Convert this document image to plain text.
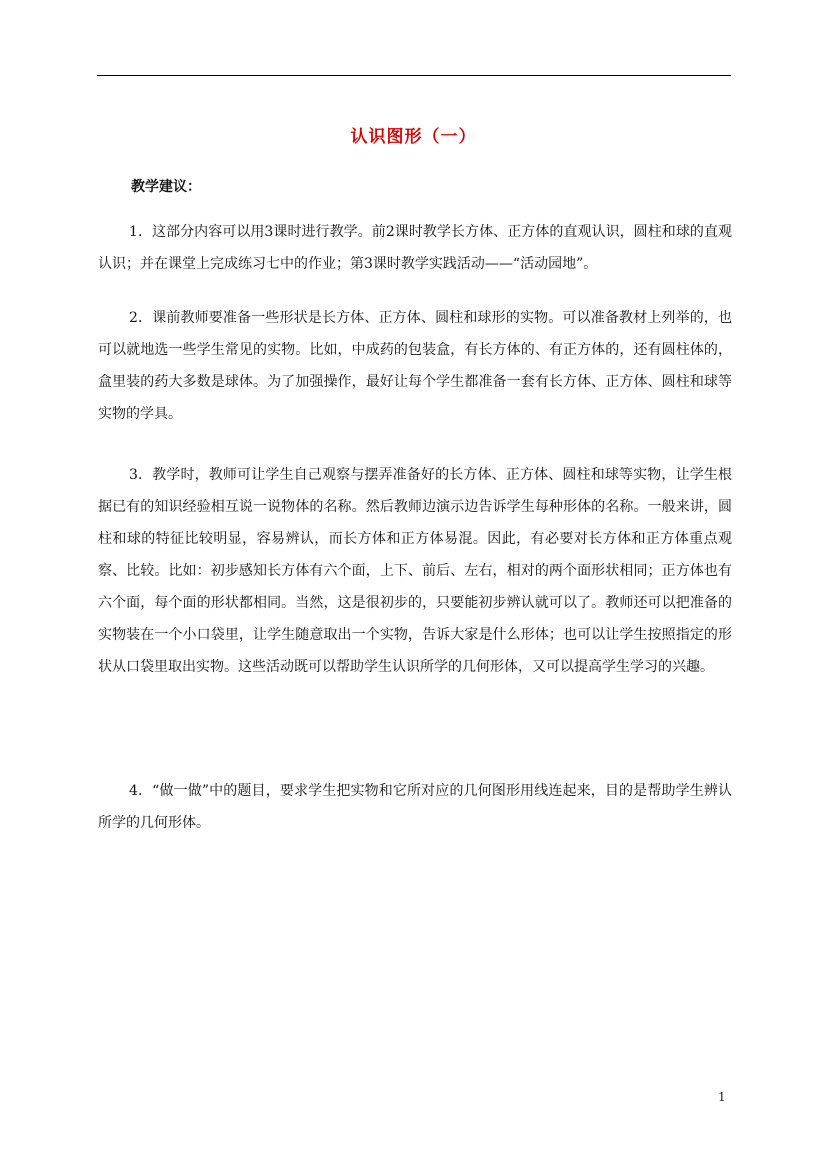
认识图形（一）
教学建议：

1．这部分内容可以用3课时进行教学。前2课时教学长方体、正方体的直观认识，圆柱和球的直观认识；并在课堂上完成练习七中的作业；第3课时教学实践活动——“活动园地”。

2．课前教师要准备一些形状是长方体、正方体、圆柱和球形的实物。可以准备教材上列举的，也可以就地选一些学生常见的实物。比如，中成药的包装盒，有长方体的、有正方体的，还有圆柱体的，盒里装的药大多数是球体。为了加强操作，最好让每个学生都准备一套有长方体、正方体、圆柱和球等实物的学具。

3．教学时，教师可让学生自己观察与摆弄准备好的长方体、正方体、圆柱和球等实物，让学生根据已有的知识经验相互说一说物体的名称。然后教师边演示边告诉学生每种形体的名称。一般来讲，圆柱和球的特征比较明显，容易辨认，而长方体和正方体易混。因此，有必要对长方体和正方体重点观察、比较。比如：初步感知长方体有六个面，上下、前后、左右，相对的两个面形状相同；正方体也有六个面，每个面的形状都相同。当然，这是很初步的，只要能初步辨认就可以了。教师还可以把准备的实物装在一个小口袋里，让学生随意取出一个实物，告诉大家是什么形体；也可以让学生按照指定的形状从口袋里取出实物。这些活动既可以帮助学生认识所学的几何形体，又可以提高学生学习的兴趣。

4．“做一做”中的题目，要求学生把实物和它所对应的几何图形用线连起来，目的是帮助学生辨认所学的几何形体。

1
